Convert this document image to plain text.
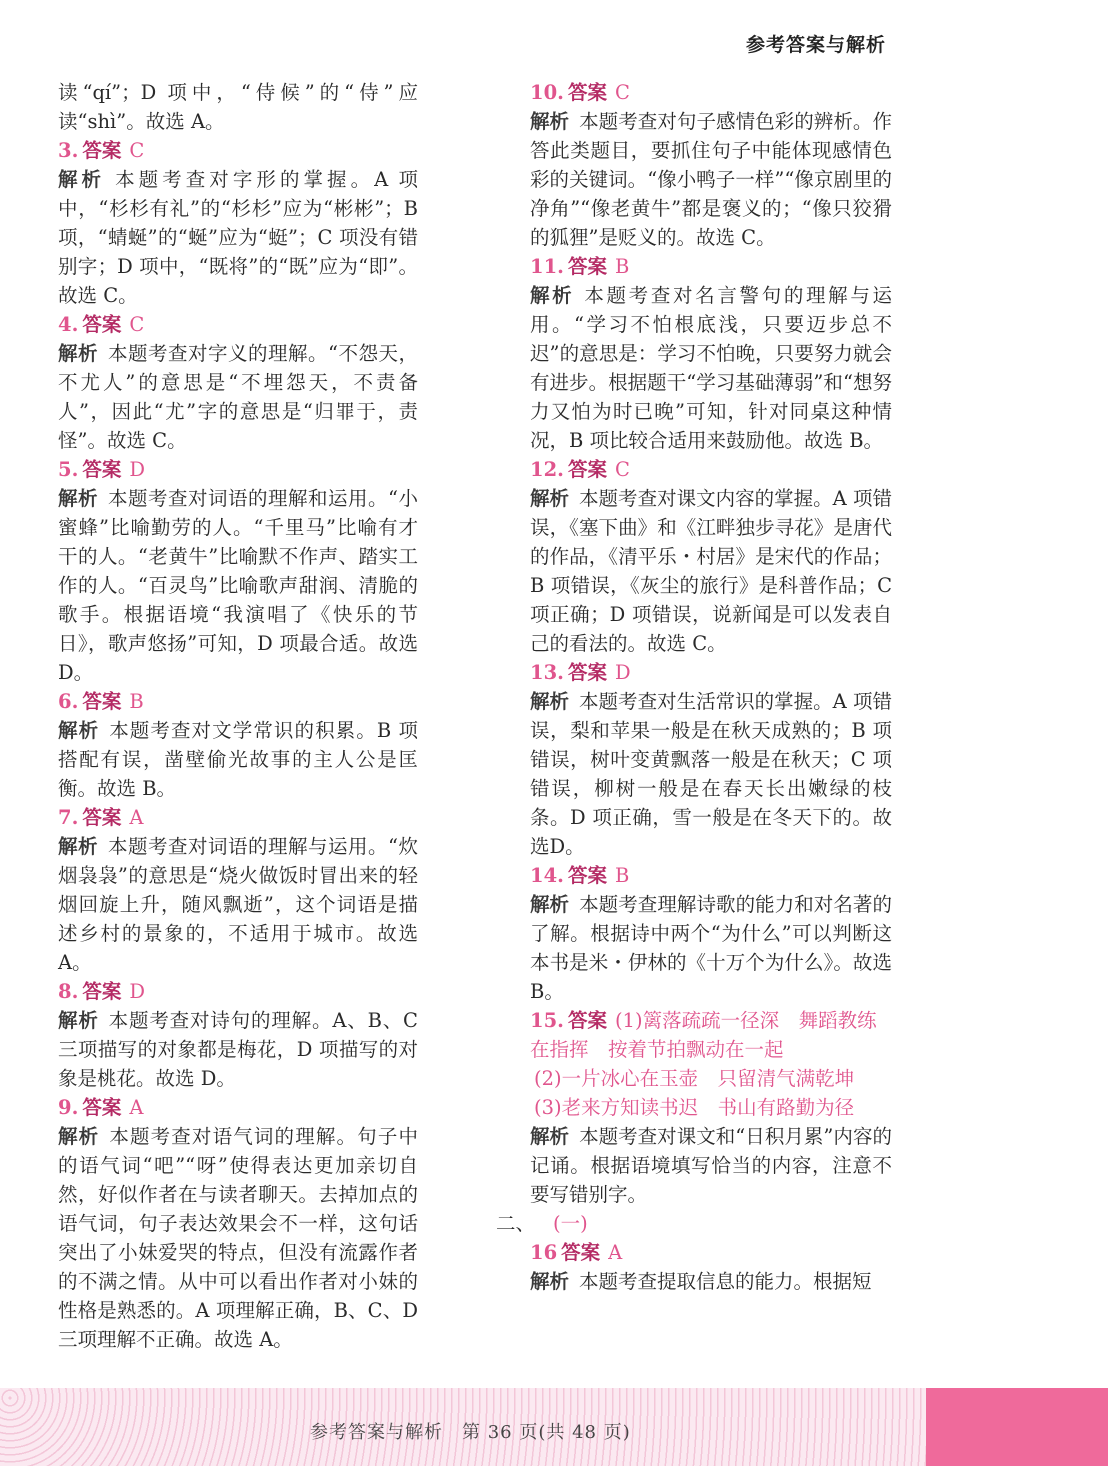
参考答案与解析

读“qí”；D 项中，“侍候”的“侍”应读“shì”。故选 A。

3. 答案 C

解析 本题考查对字形的掌握。A 项中，“杉杉有礼”的“杉杉”应为“彬彬”；B 项，“蜻蜒”的“蜒”应为“蜓”；C 项没有错别字；D 项中，“既将”的“既”应为“即”。故选 C。

4. 答案 C

解析 本题考查对字义的理解。“不怨天，不尤人”的意思是“不埋怨天，不责备人”，因此“尤”字的意思是“归罪于，责怪”。故选 C。

5. 答案 D

解析 本题考查对词语的理解和运用。“小蜜蜂”比喻勤劳的人。“千里马”比喻有才干的人。“老黄牛”比喻默不作声、踏实工作的人。“百灵鸟”比喻歌声甜润、清脆的歌手。根据语境“我演唱了《快乐的节日》，歌声悠扬”可知，D 项最合适。故选 D。

6. 答案 B

解析 本题考查对文学常识的积累。B 项搭配有误，凿壁偷光故事的主人公是匡衡。故选 B。

7. 答案 A

解析 本题考查对词语的理解与运用。“炊烟袅袅”的意思是“烧火做饭时冒出来的轻烟回旋上升，随风飘逝”，这个词语是描述乡村的景象的，不适用于城市。故选 A。

8. 答案 D

解析 本题考查对诗句的理解。A、B、C 三项描写的对象都是梅花，D 项描写的对象是桃花。故选 D。

9. 答案 A

解析 本题考查对语气词的理解。句子中的语气词“吧”“呀”使得表达更加亲切自然，好似作者在与读者聊天。去掉加点的语气词，句子表达效果会不一样，这句话突出了小妹爱哭的特点，但没有流露作者的不满之情。从中可以看出作者对小妹的性格是熟悉的。A 项理解正确，B、C、D 三项理解不正确。故选 A。

10. 答案 C

解析 本题考查对句子感情色彩的辨析。作答此类题目，要抓住句子中能体现感情色彩的关键词。“像小鸭子一样”“像京剧里的净角”“像老黄牛”都是褒义的；“像只狡猾的狐狸”是贬义的。故选 C。

11. 答案 B

解析 本题考查对名言警句的理解与运用。“学习不怕根底浅，只要迈步总不迟”的意思是：学习不怕晚，只要努力就会有进步。根据题干“学习基础薄弱”和“想努力又怕为时已晚”可知，针对同桌这种情况，B 项比较合适用来鼓励他。故选 B。

12. 答案 C

解析 本题考查对课文内容的掌握。A 项错误，《塞下曲》和《江畔独步寻花》是唐代的作品，《清平乐・村居》是宋代的作品；B 项错误，《灰尘的旅行》是科普作品；C 项正确；D 项错误，说新闻是可以发表自己的看法的。故选 C。

13. 答案 D

解析 本题考查对生活常识的掌握。A 项错误，梨和苹果一般是在秋天成熟的；B 项错误，树叶变黄飘落一般是在秋天；C 项错误，柳树一般是在春天长出嫩绿的枝条。D 项正确，雪一般是在冬天下的。故选D。

14. 答案 B

解析 本题考查理解诗歌的能力和对名著的了解。根据诗中两个“为什么”可以判断这本书是米・伊林的《十万个为什么》。故选 B。

15. 答案 (1)篱落疏疏一径深　舞蹈教练在指挥　按着节拍飘动在一起

(2)一片冰心在玉壶　只留清气满乾坤

(3)老来方知读书迟　书山有路勤为径

解析 本题考查对课文和“日积月累”内容的记诵。根据语境填写恰当的内容，注意不要写错别字。

二、 (一)

16 答案 A

解析 本题考查提取信息的能力。根据短

参考答案与解析　第 36 页(共 48 页)
